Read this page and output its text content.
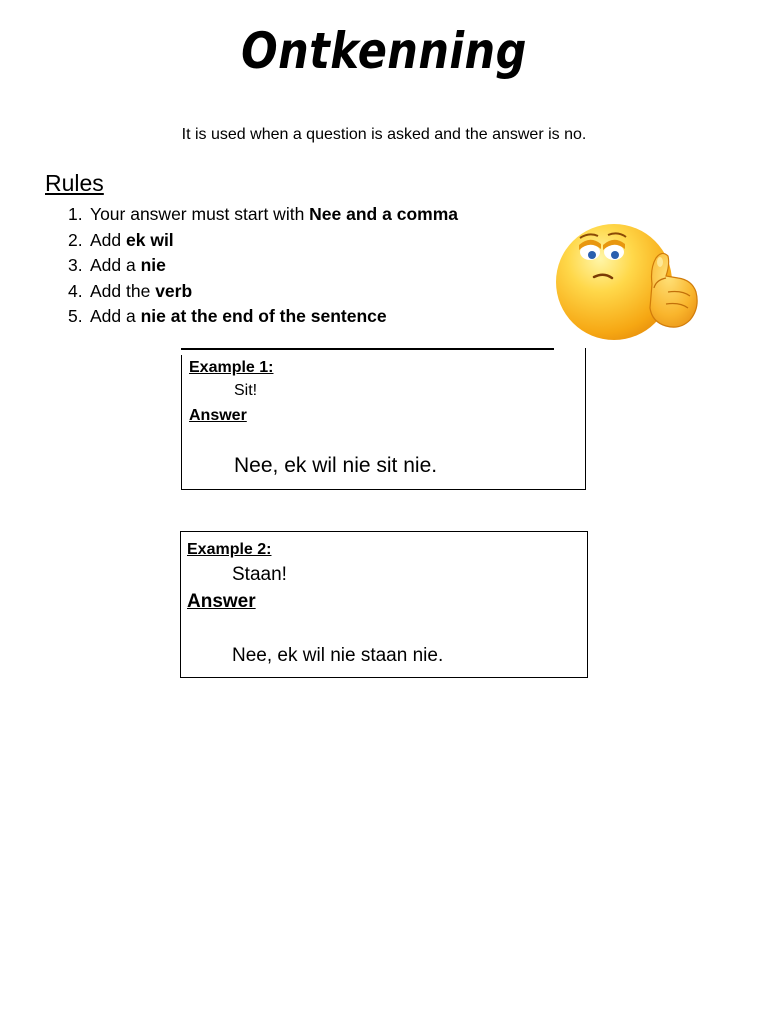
Ontkenning
It is used when a question is asked and the answer is no.
Rules
1. Your answer must start with Nee and a comma
2. Add ek wil
3. Add a nie
4. Add the verb
5. Add a nie at the end of the sentence
Example 1:
Sit!
Answer
Nee, ek wil nie sit nie.
Example 2:
Staan!
Answer
Nee, ek wil nie staan nie.
